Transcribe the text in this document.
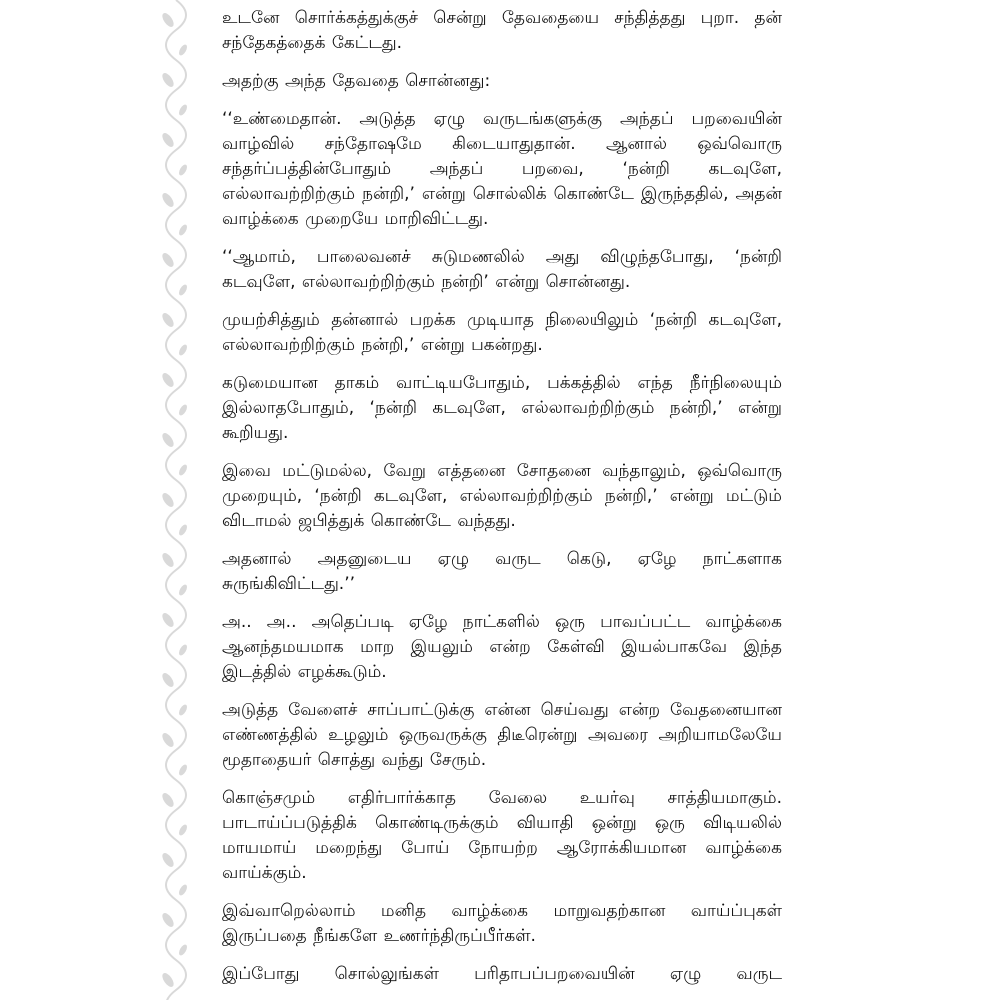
உடனே சொர்க்கத்துக்குச் சென்று தேவதையை சந்தித்தது புறா. தன் சந்தேகத்தைக் கேட்டது.

அதற்கு அந்த தேவதை சொன்னது:

‘‘உண்மைதான். அடுத்த ஏழு வருடங்களுக்கு அந்தப் பறவையின் வாழ்வில் சந்தோஷமே கிடையாதுதான். ஆனால் ஒவ்வொரு சந்தர்ப்பத்தின்போதும் அந்தப் பறவை, ‘நன்றி கடவுளே, எல்லாவற்றிற்கும் நன்றி,’ என்று சொல்லிக் கொண்டே இருந்ததில், அதன் வாழ்க்கை முறையே மாறிவிட்டது.

‘‘ஆமாம், பாலைவனச் சுடுமணலில் அது விழுந்தபோது, ‘நன்றி கடவுளே, எல்லாவற்றிற்கும் நன்றி’ என்று சொன்னது.

முயற்சித்தும் தன்னால் பறக்க முடியாத நிலையிலும் ‘நன்றி கடவுளே, எல்லாவற்றிற்கும் நன்றி,’ என்று பகன்றது.

கடுமையான தாகம் வாட்டியபோதும், பக்கத்தில் எந்த நீர்நிலையும் இல்லாதபோதும், ‘நன்றி கடவுளே, எல்லாவற்றிற்கும் நன்றி,’ என்று கூறியது.

இவை மட்டுமல்ல, வேறு எத்தனை சோதனை வந்தாலும், ஒவ்வொரு முறையும், ‘நன்றி கடவுளே, எல்லாவற்றிற்கும் நன்றி,’ என்று மட்டும் விடாமல் ஜபித்துக் கொண்டே வந்தது.

அதனால் அதனுடைய ஏழு வருட கெடு, ஏழே நாட்களாக சுருங்கிவிட்டது.’’

அ.. அ.. அதெப்படி ஏழே நாட்களில் ஒரு பாவப்பட்ட வாழ்க்கை ஆனந்தமயமாக மாற இயலும் என்ற கேள்வி இயல்பாகவே இந்த இடத்தில் எழக்கூடும்.

அடுத்த வேளைச் சாப்பாட்டுக்கு என்ன செய்வது என்ற வேதனையான எண்ணத்தில் உழலும் ஒருவருக்கு திடீரென்று அவரை அறியாமலேயே மூதாதையர் சொத்து வந்து சேரும்.

கொஞ்சமும் எதிர்பார்க்காத வேலை உயர்வு சாத்தியமாகும். பாடாய்ப்படுத்திக் கொண்டிருக்கும் வியாதி ஒன்று ஒரு விடியலில் மாயமாய் மறைந்து போய் நோயற்ற ஆரோக்கியமான வாழ்க்கை வாய்க்கும்.

இவ்வாறெல்லாம் மனித வாழ்க்கை மாறுவதற்கான வாய்ப்புகள் இருப்பதை நீங்களே உணர்ந்திருப்பீர்கள்.

இப்போது சொல்லுங்கள் பரிதாபப்பறவையின் ஏழு வருட
